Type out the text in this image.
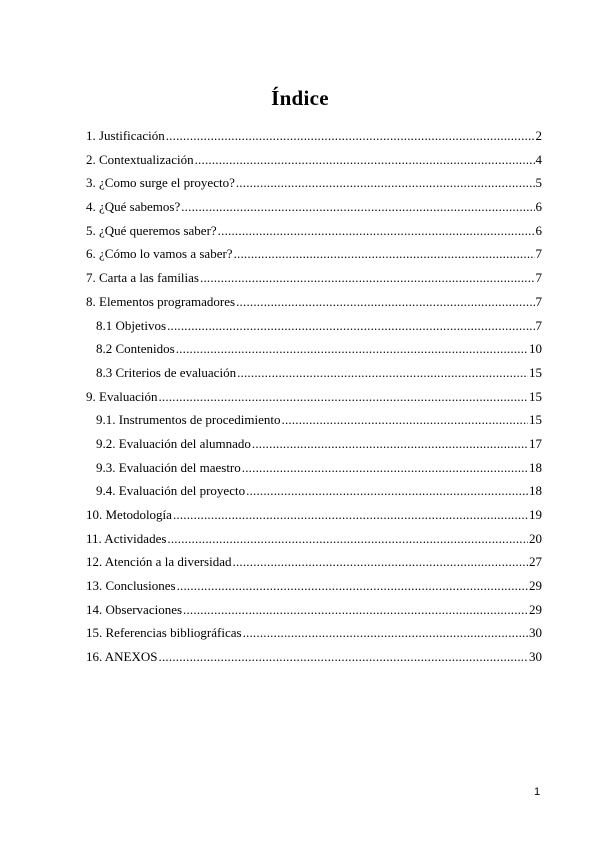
Índice
1. Justificación .....	2
2. Contextualización .....	4
3. ¿Como surge el proyecto? .....	5
4. ¿Qué sabemos? .....	6
5. ¿Qué queremos saber? .....	6
6. ¿Cómo lo vamos a saber? .....	7
7. Carta a las familias .....	7
8. Elementos programadores .....	7
8.1 Objetivos .....	7
8.2 Contenidos .....	10
8.3 Criterios de evaluación .....	15
9. Evaluación .....	15
9.1. Instrumentos de procedimiento .....	15
9.2. Evaluación del alumnado .....	17
9.3. Evaluación del maestro .....	18
9.4. Evaluación del proyecto .....	18
10. Metodología .....	19
11. Actividades .....	20
12. Atención a la diversidad .....	27
13. Conclusiones .....	29
14. Observaciones .....	29
15. Referencias bibliográficas .....	30
16. ANEXOS .....	30
1
